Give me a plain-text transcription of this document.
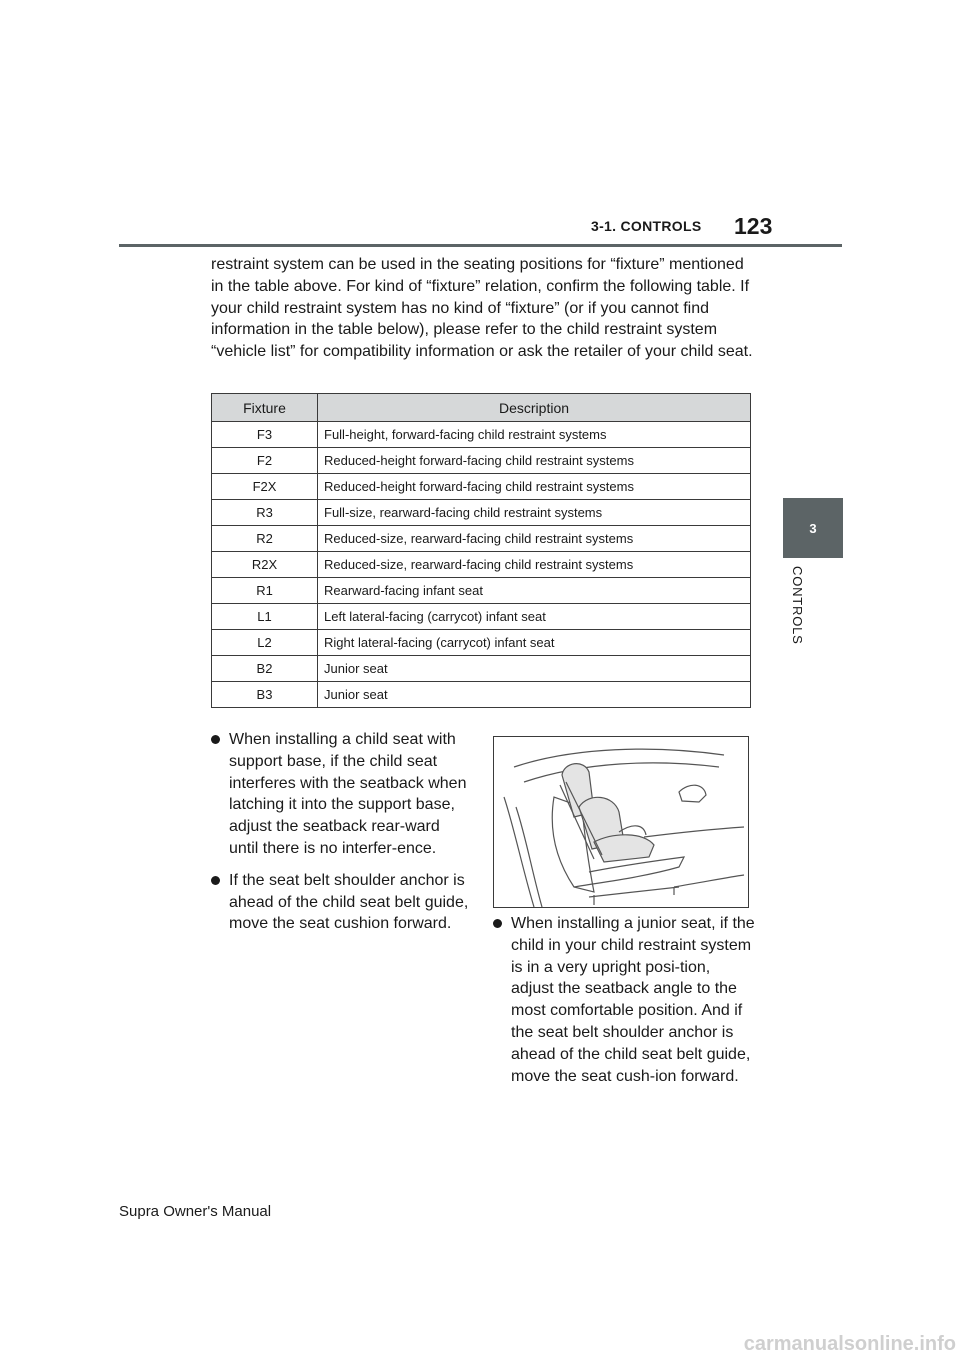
3-1. CONTROLS 123
3
CONTROLS

restraint system can be used in the seating positions for “fixture” mentioned in the table above. For kind of “fixture” relation, confirm the following table. If your child restraint system has no kind of “fixture” (or if you cannot find information in the table below), please refer to the child restraint system “vehicle list” for compatibility information or ask the retailer of your child seat.

Fixture	Description
F3	Full-height, forward-facing child restraint systems
F2	Reduced-height forward-facing child restraint systems
F2X	Reduced-height forward-facing child restraint systems
R3	Full-size, rearward-facing child restraint systems
R2	Reduced-size, rearward-facing child restraint systems
R2X	Reduced-size, rearward-facing child restraint systems
R1	Rearward-facing infant seat
L1	Left lateral-facing (carrycot) infant seat
L2	Right lateral-facing (carrycot) infant seat
B2	Junior seat
B3	Junior seat
When installing a child seat with support base, if the child seat interferes with the seatback when latching it into the support base, adjust the seatback rear-ward until there is no interfer-ence.
If the seat belt shoulder anchor is ahead of the child seat belt guide, move the seat cushion forward.	When installing a junior seat, if the child in your child restraint system is in a very upright posi-tion, adjust the seatback angle to the most comfortable position. And if the seat belt shoulder anchor is ahead of the child seat belt guide, move the seat cush-ion forward.
Supra Owner's Manual
carmanualsonline.info
